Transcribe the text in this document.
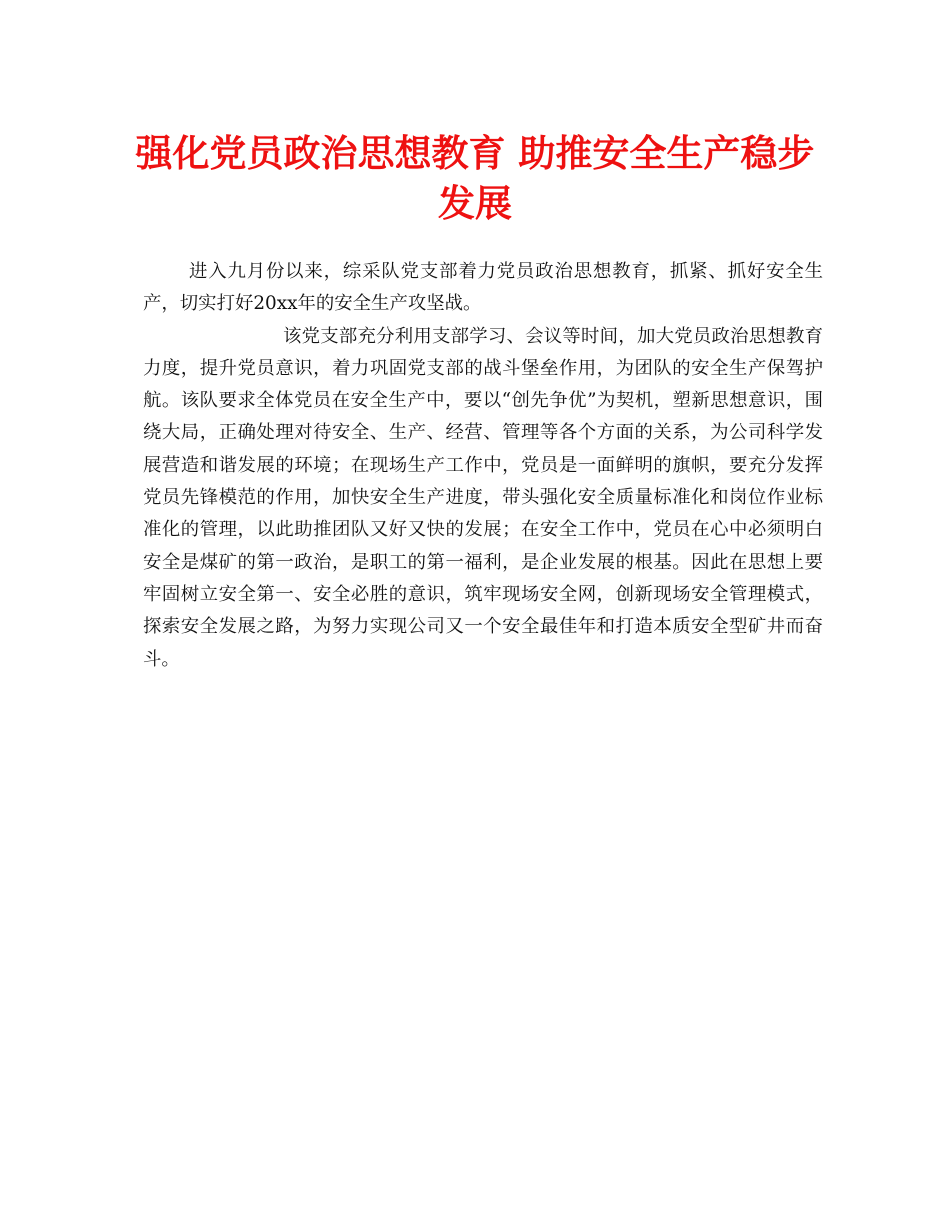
强化党员政治思想教育 助推安全生产稳步发展

进入九月份以来，综采队党支部着力党员政治思想教育，抓紧、抓好安全生产，切实打好20xx年的安全生产攻坚战。

该党支部充分利用支部学习、会议等时间，加大党员政治思想教育力度，提升党员意识，着力巩固党支部的战斗堡垒作用，为团队的安全生产保驾护航。该队要求全体党员在安全生产中，要以“创先争优”为契机，塑新思想意识，围绕大局，正确处理对待安全、生产、经营、管理等各个方面的关系，为公司科学发展营造和谐发展的环境；在现场生产工作中，党员是一面鲜明的旗帜，要充分发挥党员先锋模范的作用，加快安全生产进度，带头强化安全质量标准化和岗位作业标准化的管理，以此助推团队又好又快的发展；在安全工作中，党员在心中必须明白安全是煤矿的第一政治，是职工的第一福利，是企业发展的根基。因此在思想上要牢固树立安全第一、安全必胜的意识，筑牢现场安全网，创新现场安全管理模式，探索安全发展之路，为努力实现公司又一个安全最佳年和打造本质安全型矿井而奋斗。
